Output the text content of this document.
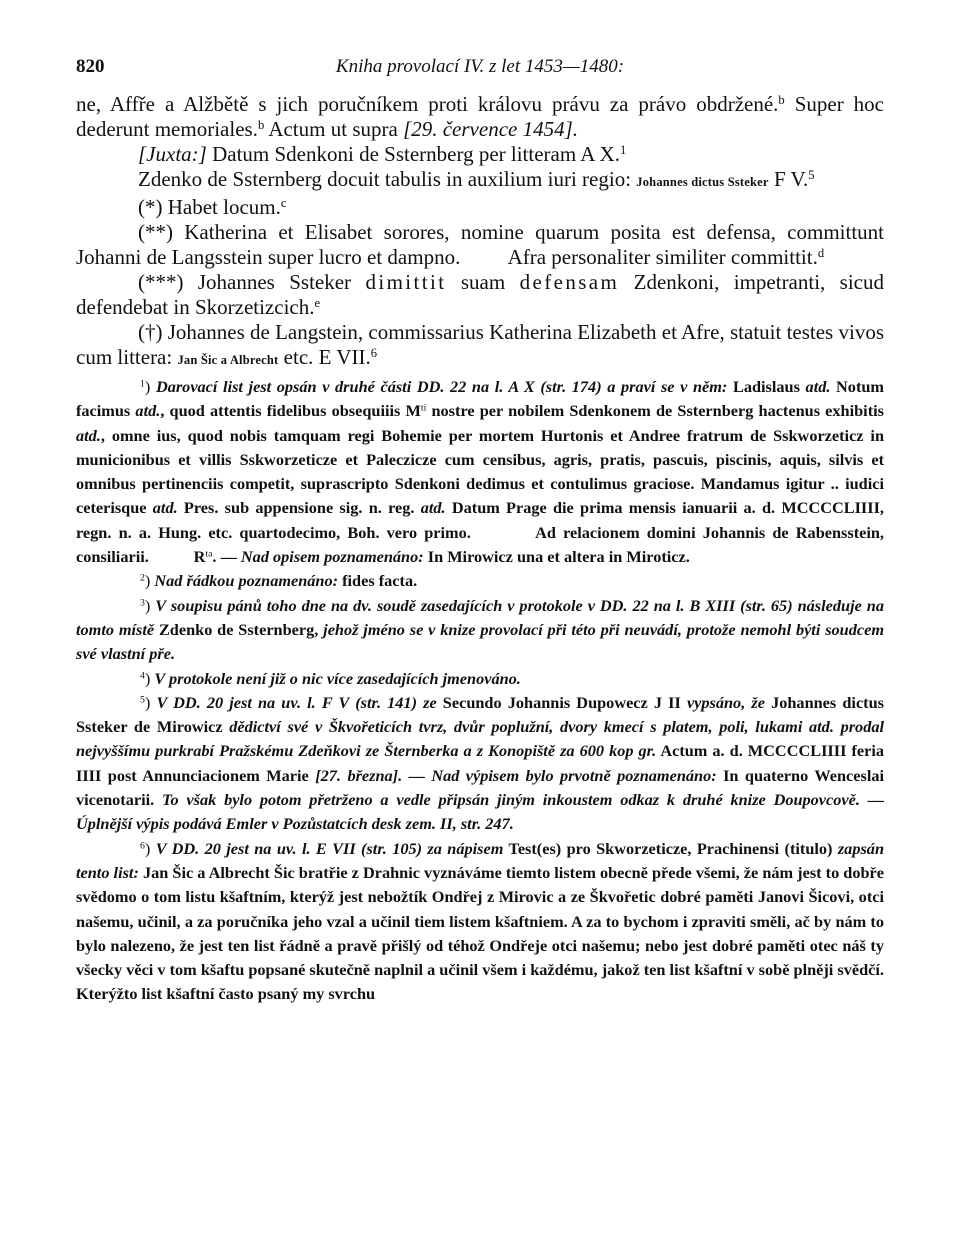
820	Kniha provolací IV. z let 1453—1480:

ne, Affře a Alžbětě s jich poručníkem proti královu právu za právo obdržené.$^b$ Super hoc dederunt memoriales.$^b$ Actum ut supra [29. července 1454].

[Juxta:] Datum Sdenkoni de Ssternberg per litteram A X.$^1$

Zdenko de Ssternberg docuit tabulis in auxilium iuri regio: Johannes dictus Ssteker F V.$^5$

(*) Habet locum.$^c$

(**) Katherina et Elisabet sorores, nomine quarum posita est defensa, committunt Johanni de Langsstein super lucro et dampno. Afra personaliter similiter committit.$^d$

(***) Johannes Ssteker dimittit suam defensam Zdenkoni, impetranti, sicud defendebat in Skorzetizcich.$^e$

(†) Johannes de Langstein, commissarius Katherina Elizabeth et Afre, statuit testes vivos cum littera: Jan Šic a Albrecht etc. E VII.$^6$

$^1$) Darovací list jest opsán v druhé části DD. 22 na l. A X (str. 174) a praví se v něm: Ladislaus atd. Notum facimus atd., quod attentis fidelibus obsequiiis $M^{ti}$ nostre per nobilem Sdenkonem de Ssternberg hactenus exhibitis atd., omne ius, quod nobis tamquam regi Bohemie per mortem Hurtonis et Andree fratrum de Sskworzeticz in municionibus et villis Sskworzeticze et Paleczicze cum censibus, agris, pratis, pascuis, piscinis, aquis, silvis et omnibus pertinenciis competit, suprascripto Sdenkoni dedimus et contulimus graciose. Mandamus igitur .. iudici ceterisque atd. Pres. sub appensione sig. n. reg. atd. Datum Prage die prima mensis ianuarii a. d. MCCCCLIIII, regn. n. a. Hung. etc. quartodecimo, Boh. vero primo.	Ad relacionem domini Johannis de Rabensstein, consiliarii.	$R^{ta}$. — Nad opisem poznamenáno: In Mirowicz una et altera in Miroticz.

$^2$) Nad řádkou poznamenáno: fides facta.

$^3$) V soupisu pánů toho dne na dv. soudě zasedajících v protokole v DD. 22 na l. B XIII (str. 65) následuje na tomto místě Zdenko de Ssternberg, jehož jméno se v knize provolací při této při neuvádí, protože nemohl býti soudcem své vlastní pře.

$^4$) V protokole není již o nic více zasedajících jmenováno.

$^5$) V DD. 20 jest na uv. l. F V (str. 141) ze Secundo Johannis Dupowecz J II vypsáno, že Johannes dictus Ssteker de Mirowicz dědictví své v Škvořeticích tvrz, dvůr poplužní, dvory kmecí s platem, poli, lukami atd. prodal nejvyššímu purkrabí Pražskému Zdeňkovi ze Šternberka a z Konopiště za 600 kop gr. Actum a. d. MCCCCLIIII feria IIII post Annunciacionem Marie [27. března]. — Nad výpisem bylo prvotně poznamenáno: In quaterno Wenceslai vicenotarii. To však bylo potom přetrženo a vedle připsán jiným inkoustem odkaz k druhé knize Doupovcově. — Úplnější výpis podává Emler v Pozůstatcích desk zem. II, str. 247.

$^6$) V DD. 20 jest na uv. l. E VII (str. 105) za nápisem Test(es) pro Skworzeticze, Prachinensi (titulo) zapsán tento list: Jan Šic a Albrecht Šic bratřie z Drahnic vyznáváme tiemto listem obecně přede všemi, že nám jest to dobře svědomo o tom listu kšaftním, kterýž jest nebožtík Ondřej z Mirovic a ze Škvořetic dobré paměti Janovi Šicovi, otci našemu, učinil, a za poručníka jeho vzal a učinil tiem listem kšaftniem. A za to bychom i zpraviti směli, ač by nám to bylo nalezeno, že jest ten list řádně a pravě přišlý od téhož Ondřeje otci našemu; nebo jest dobré paměti otec náš ty všecky věci v tom kšaftu popsané skutečně naplnil a učinil všem i každému, jakož ten list kšaftní v sobě plněji svědčí. Kterýžto list kšaftní často psaný my svrchu
